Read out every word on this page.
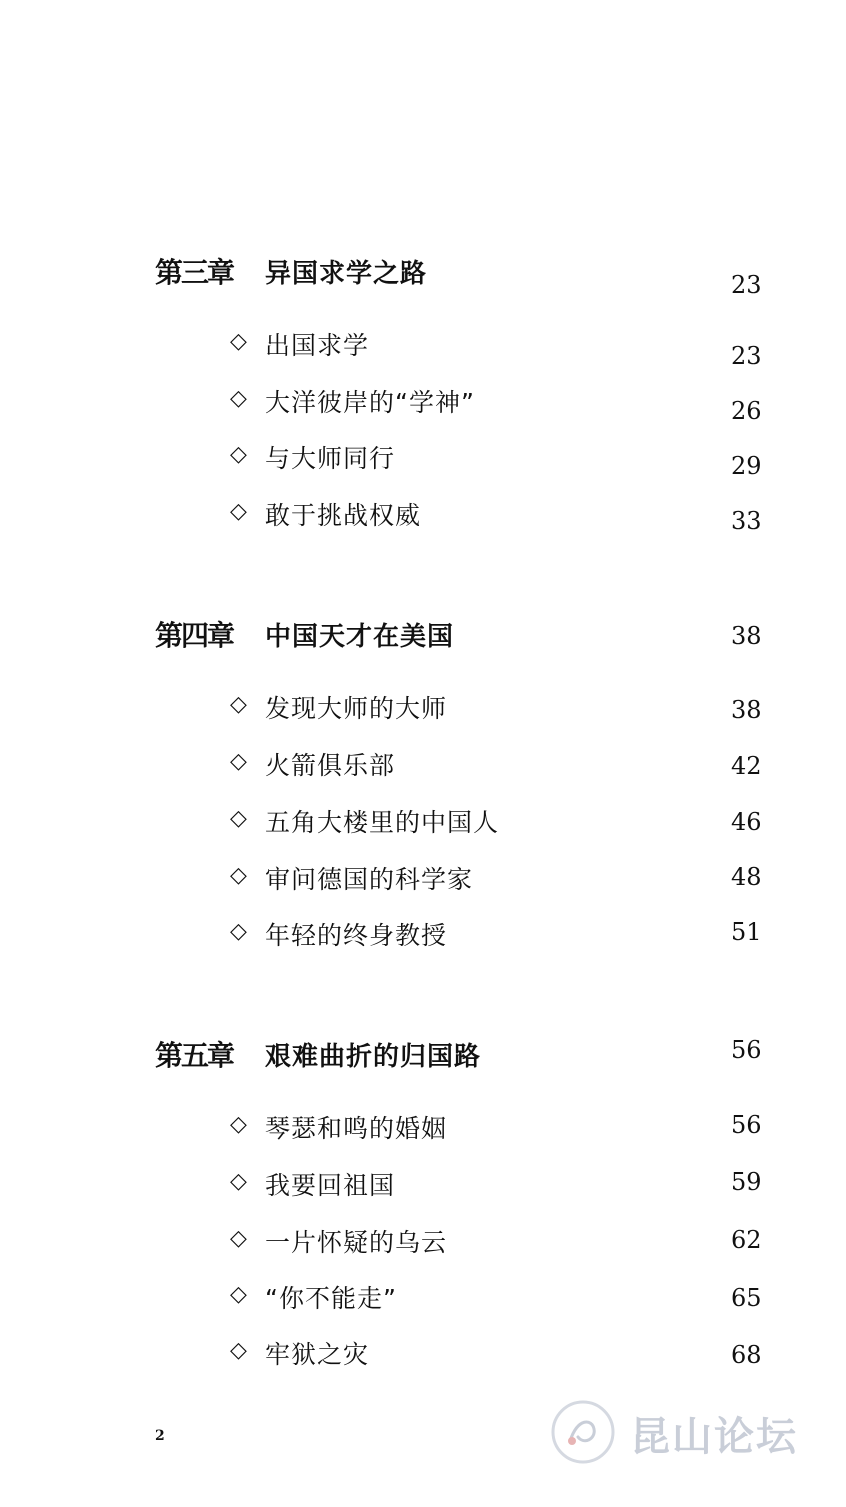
第三章 异国求学之路	23
◇ 出国求学	23
◇ 大洋彼岸的“学神”	26
◇ 与大师同行	29
◇ 敢于挑战权威	33
第四章 中国天才在美国	38
◇ 发现大师的大师	38
◇ 火箭俱乐部	42
◇ 五角大楼里的中国人	46
◇ 审问德国的科学家	48
◇ 年轻的终身教授	51
第五章 艰难曲折的归国路	56
◇ 琴瑟和鸣的婚姻	56
◇ 我要回祖国	59
◇ 一片怀疑的乌云	62
◇ “你不能走”	65
◇ 牢狱之灾	68
2	昆山论坛
